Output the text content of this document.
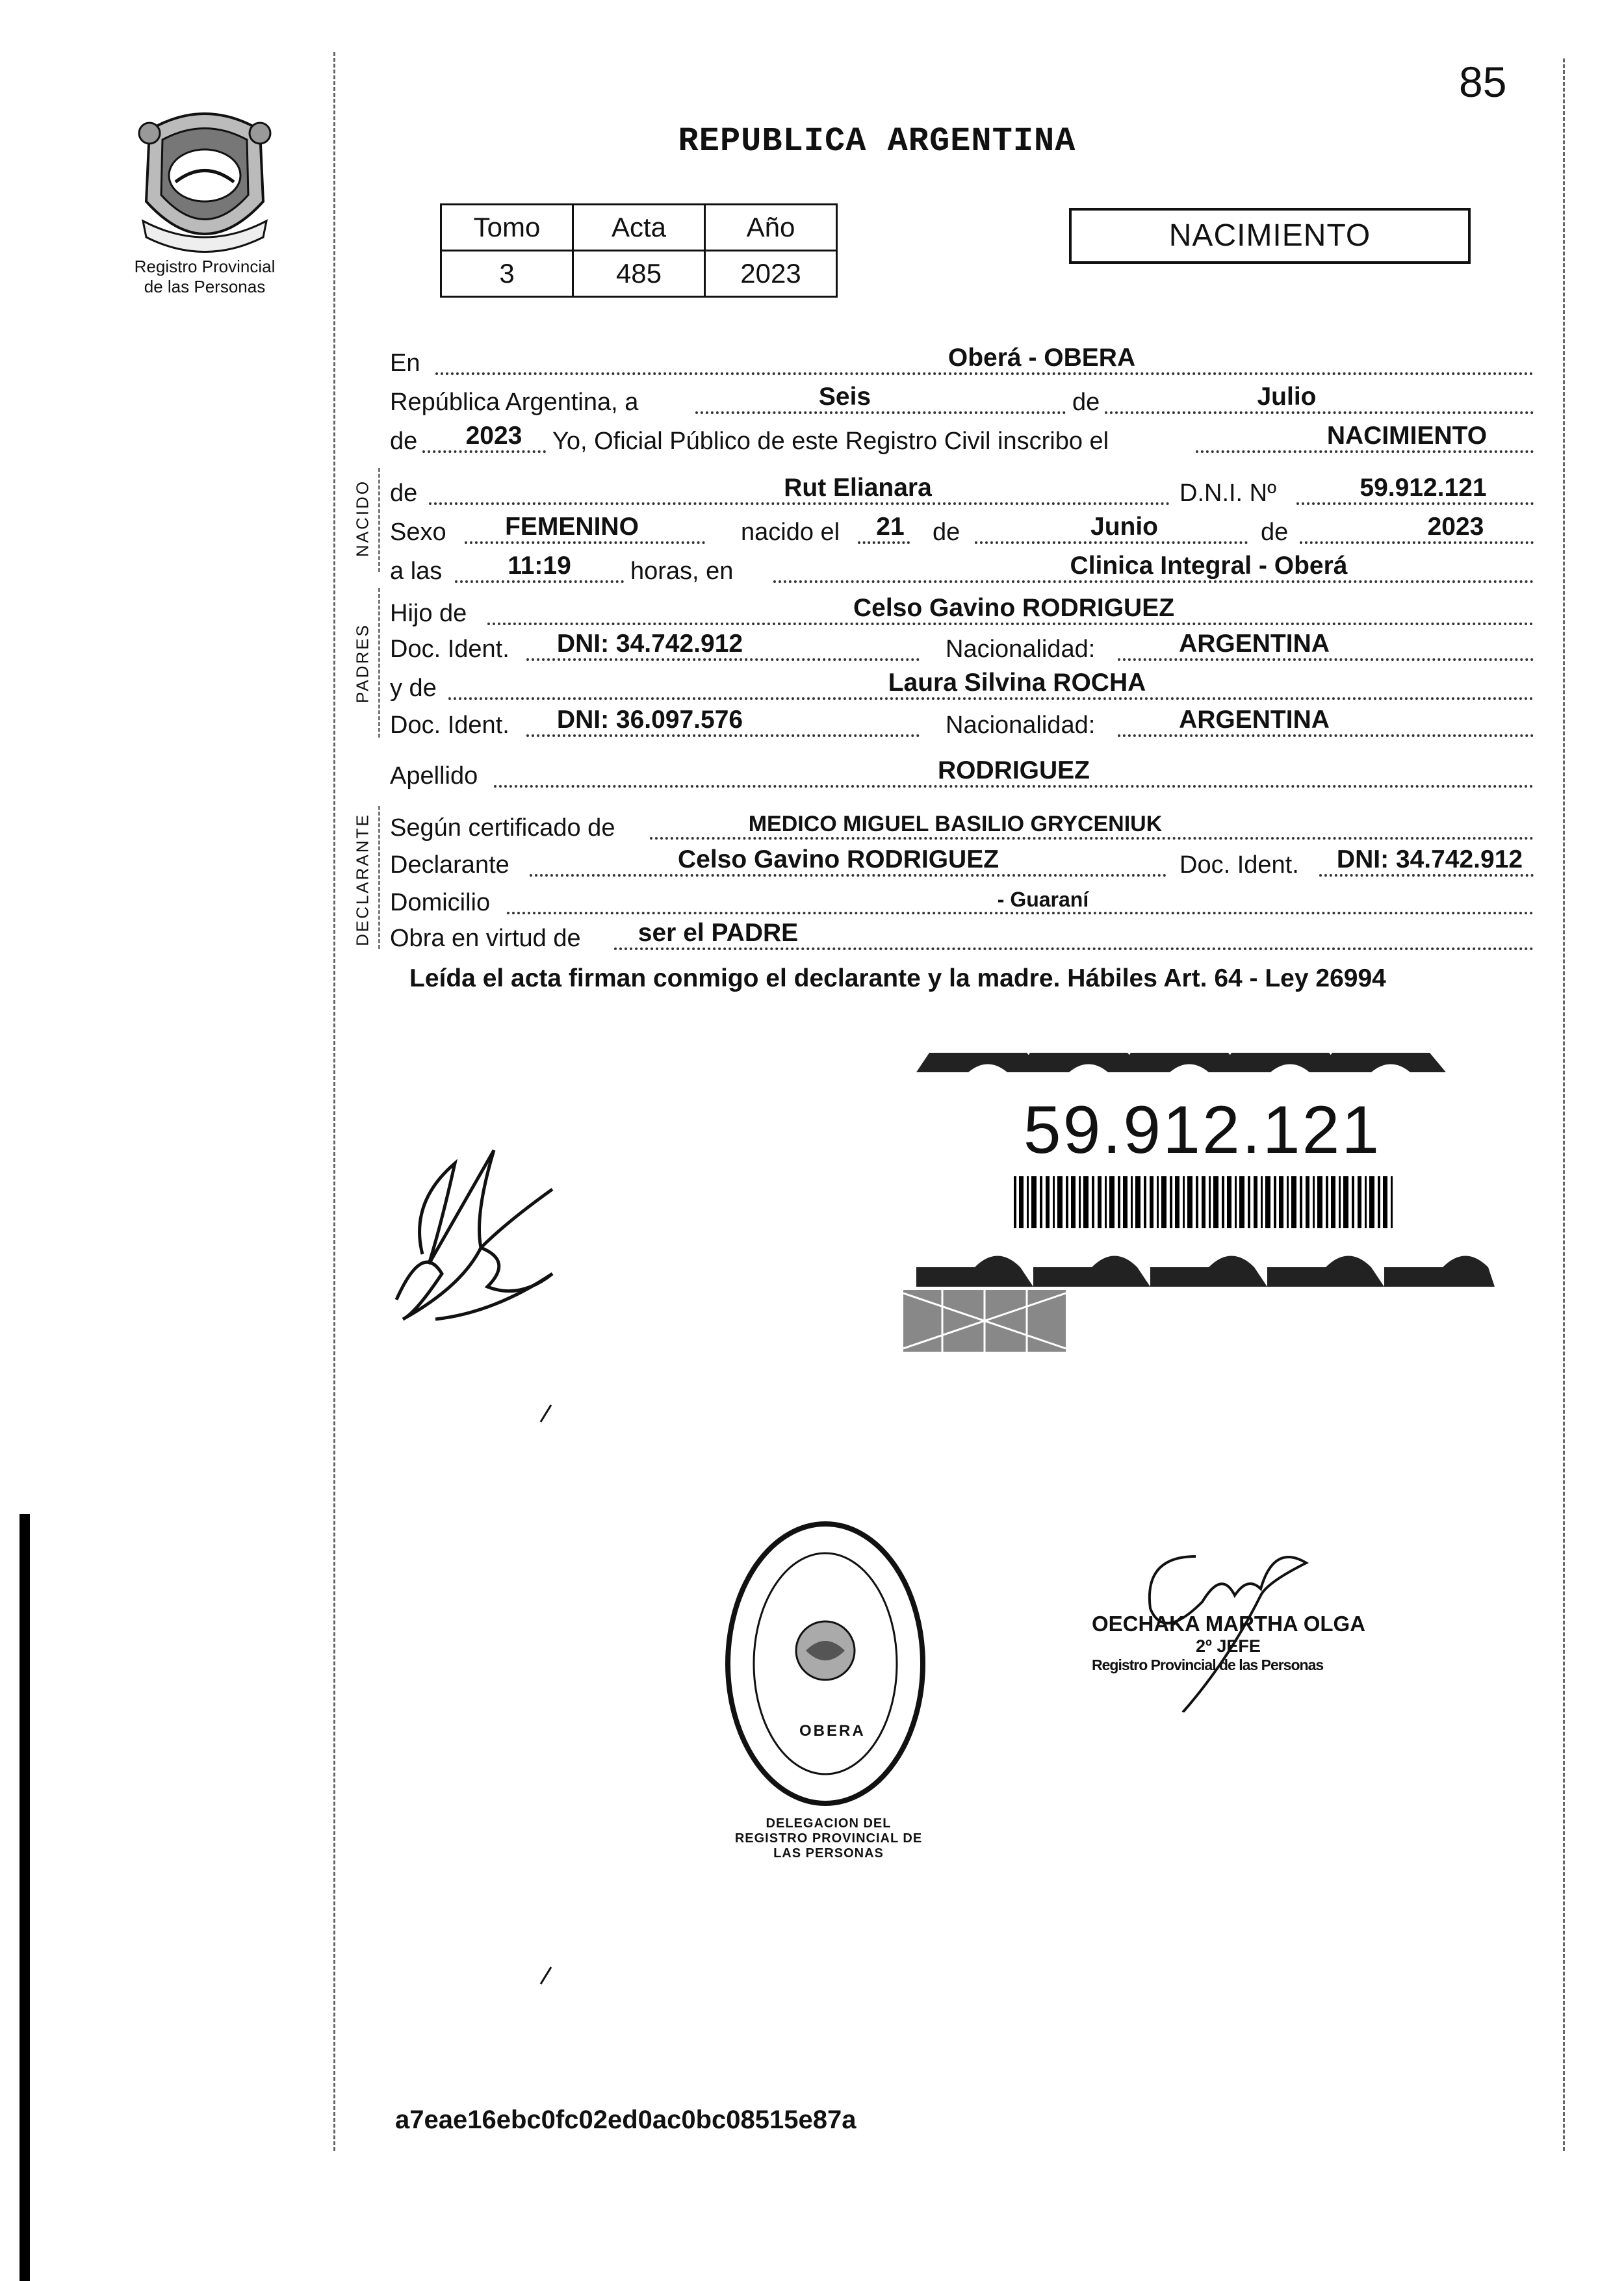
85
Registro Provincial
de las Personas
REPUBLICA ARGENTINA
Tomo	Acta	Año
3	485	2023
NACIMIENTO
NACIDO
PADRES
DECLARANTE
En	Oberá - OBERA
República Argentina, a	Seis	de	Julio
de 2023 Yo, Oficial Público de este Registro Civil inscribo el	NACIMIENTO
de	Rut Elianara	D.N.I. Nº	59.912.121
Sexo FEMENINO	nacido el 21 de	Junio	de	2023
a las	11:19 horas, en	Clinica Integral - Oberá
Hijo de	Celso Gavino RODRIGUEZ
Doc. Ident. DNI: 34.742.912	Nacionalidad:	ARGENTINA
y de	Laura Silvina ROCHA
Doc. Ident. DNI: 36.097.576	Nacionalidad:	ARGENTINA
Apellido	RODRIGUEZ
Según certificado de	MEDICO MIGUEL BASILIO GRYCENIUK
Declarante	Celso Gavino RODRIGUEZ	Doc. Ident. DNI: 34.742.912
Domicilio	- Guaraní
Obra en virtud de ser el PADRE
Leída el acta firman conmigo el declarante y la madre. Hábiles Art. 64 - Ley 26994
59.912.121
DELEGACION DEL REGISTRO PROVINCIAL DE LAS PERSONAS
OBERA
OECHAKA MARTHA OLGA
2º JEFE
Registro Provincial de las Personas
a7eae16ebc0fc02ed0ac0bc08515e87a
